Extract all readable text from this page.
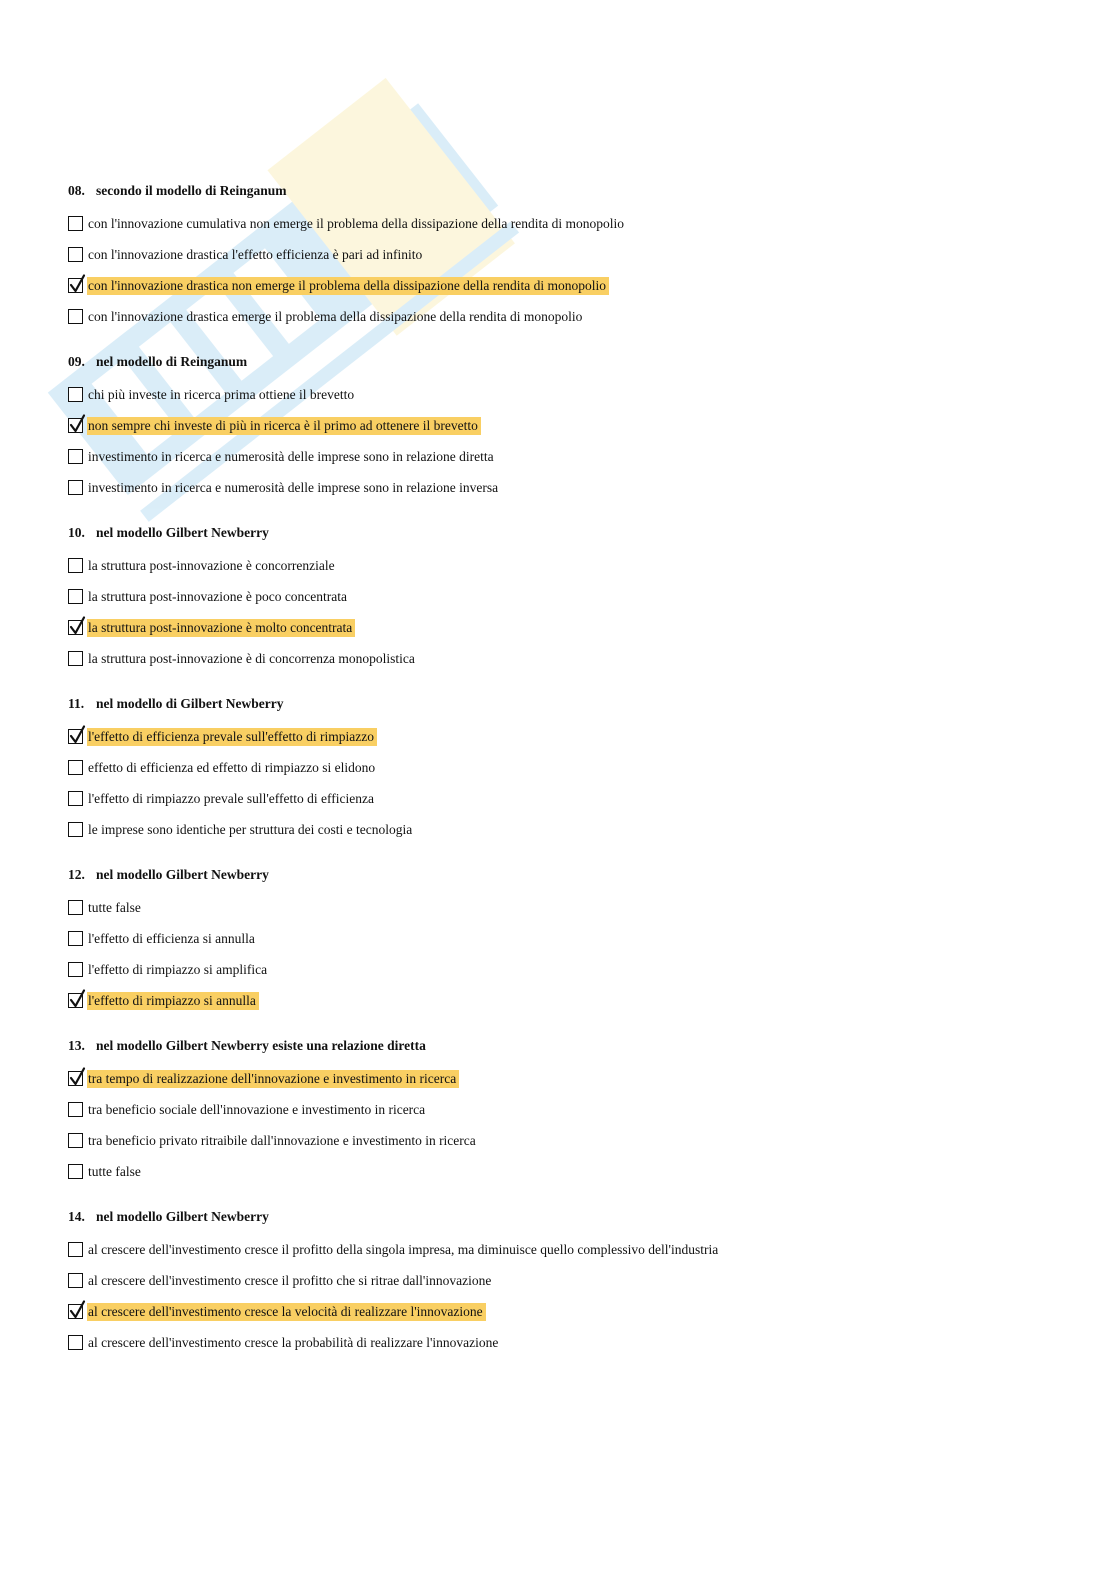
08. secondo il modello di Reinganum
con l'innovazione cumulativa non emerge il problema della dissipazione della rendita di monopolio
con l'innovazione drastica l'effetto efficienza è pari ad infinito
con l'innovazione drastica non emerge il problema della dissipazione della rendita di monopolio
con l'innovazione drastica emerge il problema della dissipazione della rendita di monopolio
09. nel modello di Reinganum
chi più investe in ricerca prima ottiene il brevetto
non sempre chi investe di più in ricerca è il primo ad ottenere il brevetto
investimento in ricerca e numerosità delle imprese sono in relazione diretta
investimento in ricerca e numerosità delle imprese sono in relazione inversa
10. nel modello Gilbert Newberry
la struttura post-innovazione è concorrenziale
la struttura post-innovazione è poco concentrata
la struttura post-innovazione è molto concentrata
la struttura post-innovazione è di concorrenza monopolistica
11. nel modello di Gilbert Newberry
l'effetto di efficienza prevale sull'effetto di rimpiazzo
effetto di efficienza ed effetto di rimpiazzo si elidono
l'effetto di rimpiazzo prevale sull'effetto di efficienza
le imprese sono identiche per struttura dei costi e tecnologia
12. nel modello Gilbert Newberry
tutte false
l'effetto di efficienza si annulla
l'effetto di rimpiazzo si amplifica
l'effetto di rimpiazzo si annulla
13. nel modello Gilbert Newberry esiste una relazione diretta
tra tempo di realizzazione dell'innovazione e investimento in ricerca
tra beneficio sociale dell'innovazione e investimento in ricerca
tra beneficio privato ritraibile dall'innovazione e investimento in ricerca
tutte false
14. nel modello Gilbert Newberry
al crescere dell'investimento cresce il profitto della singola impresa, ma diminuisce quello complessivo dell'industria
al crescere dell'investimento cresce il profitto che si ritrae dall'innovazione
al crescere dell'investimento cresce la velocità di realizzare l'innovazione
al crescere dell'investimento cresce la probabilità di realizzare l'innovazione
